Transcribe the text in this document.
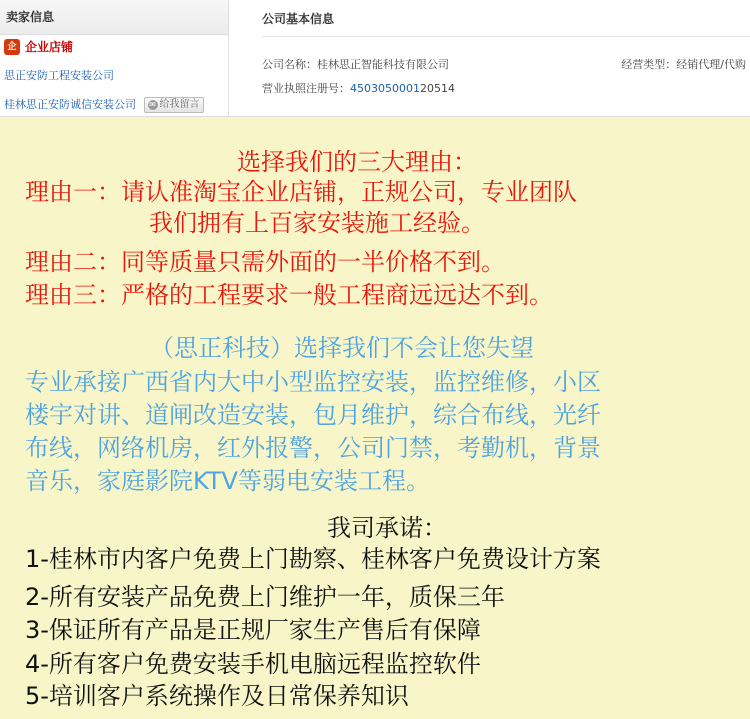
卖家信息
企 企业店铺
思正安防工程安装公司
桂林思正安防诚信安装公司 ✉ 给我留言
公司基本信息
公司名称：桂林思正智能科技有限公司	经营类型：经销代理/代购
营业执照注册号：450305000120514
选择我们的三大理由：
理由一：请认准淘宝企业店铺，正规公司，专业团队
我们拥有上百家安装施工经验。
理由二：同等质量只需外面的一半价格不到。
理由三：严格的工程要求一般工程商远远达不到。
（思正科技）选择我们不会让您失望
专业承接广西省内大中小型监控安装，监控维修，小区
楼宇对讲、道闸改造安装，包月维护，综合布线，光纤
布线，网络机房，红外报警，公司门禁，考勤机，背景
音乐，家庭影院KTV等弱电安装工程。
我司承诺：
1-桂林市内客户免费上门勘察、桂林客户免费设计方案
2-所有安装产品免费上门维护一年，质保三年
3-保证所有产品是正规厂家生产售后有保障
4-所有客户免费安装手机电脑远程监控软件
5-培训客户系统操作及日常保养知识
